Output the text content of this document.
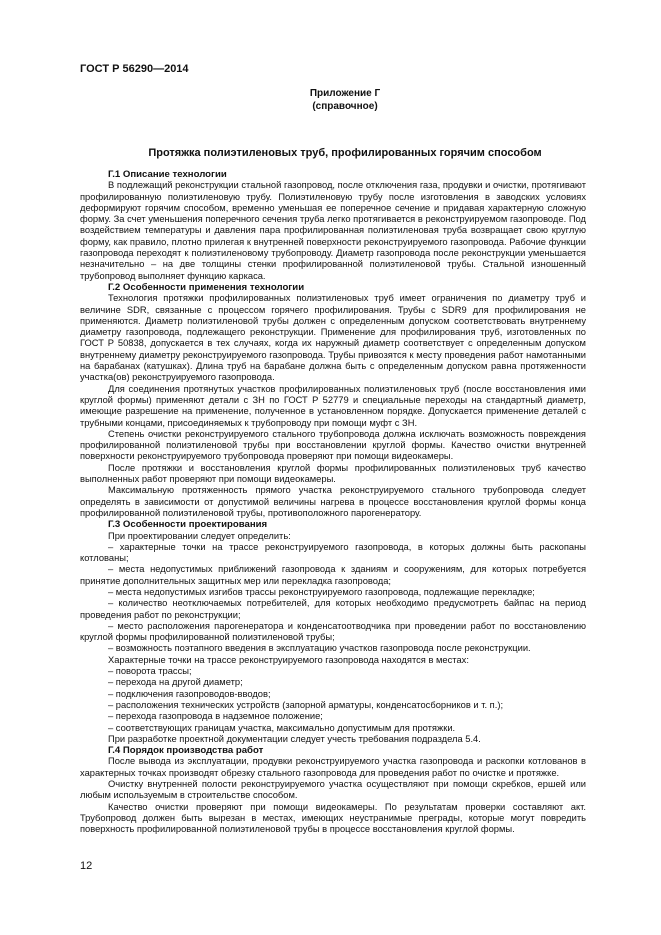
ГОСТ Р 56290—2014
Приложение Г
(справочное)
Протяжка полиэтиленовых труб, профилированных горячим способом
Г.1 Описание технологии

В подлежащий реконструкции стальной газопровод, после отключения газа, продувки и очистки, протягивают профилированную полиэтиленовую трубу. Полиэтиленовую трубу после изготовления в заводских условиях деформируют горячим способом, временно уменьшая ее поперечное сечение и придавая характерную сложную форму. За счет уменьшения поперечного сечения труба легко протягивается в реконструируемом газопроводе. Под воздействием температуры и давления пара профилированная полиэтиленовая труба возвращает свою круглую форму, как правило, плотно прилегая к внутренней поверхности реконструируемого газопровода. Рабочие функции газопровода переходят к полиэтиленовому трубопроводу. Диаметр газопровода после реконструкции уменьшается незначительно – на две толщины стенки профилированной полиэтиленовой трубы. Стальной изношенный трубопровод выполняет функцию каркаса.

Г.2 Особенности применения технологии

Технология протяжки профилированных полиэтиленовых труб имеет ограничения по диаметру труб и величине SDR, связанные с процессом горячего профилирования. Трубы с SDR9 для профилирования не применяются. Диаметр полиэтиленовой трубы должен с определенным допуском соответствовать внутреннему диаметру газопровода, подлежащего реконструкции. Применение для профилирования труб, изготовленных по ГОСТ Р 50838, допускается в тех случаях, когда их наружный диаметр соответствует с определенным допуском внутреннему диаметру реконструируемого газопровода. Трубы привозятся к месту проведения работ намотанными на барабанах (катушках). Длина труб на барабане должна быть с определенным допуском равна протяженности участка(ов) реконструируемого газопровода.

Для соединения протянутых участков профилированных полиэтиленовых труб (после восстановления ими круглой формы) применяют детали с ЗН по ГОСТ Р 52779 и специальные переходы на стандартный диаметр, имеющие разрешение на применение, полученное в установленном порядке. Допускается применение деталей с трубными концами, присоединяемых к трубопроводу при помощи муфт с ЗН.

Степень очистки реконструируемого стального трубопровода должна исключать возможность повреждения профилированной полиэтиленовой трубы при восстановлении круглой формы. Качество очистки внутренней поверхности реконструируемого трубопровода проверяют при помощи видеокамеры.

После протяжки и восстановления круглой формы профилированных полиэтиленовых труб качество выполненных работ проверяют при помощи видеокамеры.

Максимальную протяженность прямого участка реконструируемого стального трубопровода следует определять в зависимости от допустимой величины нагрева в процессе восстановления круглой формы конца профилированной полиэтиленовой трубы, противоположного парогенератору.

Г.3 Особенности проектирования

При проектировании следует определить:

– характерные точки на трассе реконструируемого газопровода, в которых должны быть раскопаны котлованы;

– места недопустимых приближений газопровода к зданиям и сооружениям, для которых потребуется принятие дополнительных защитных мер или перекладка газопровода;

– места недопустимых изгибов трассы реконструируемого газопровода, подлежащие перекладке;

– количество неотключаемых потребителей, для которых необходимо предусмотреть байпас на период проведения работ по реконструкции;

– место расположения парогенератора и конденсатоотводчика при проведении работ по восстановлению круглой формы профилированной полиэтиленовой трубы;

– возможность поэтапного введения в эксплуатацию участков газопровода после реконструкции.

Характерные точки на трассе реконструируемого газопровода находятся в местах:

– поворота трассы;

– перехода на другой диаметр;

– подключения газопроводов-вводов;

– расположения технических устройств (запорной арматуры, конденсатосборников и т. п.);

– перехода газопровода в надземное положение;

– соответствующих границам участка, максимально допустимым для протяжки.

При разработке проектной документации следует учесть требования подраздела 5.4.

Г.4 Порядок производства работ

После вывода из эксплуатации, продувки реконструируемого участка газопровода и раскопки котлованов в характерных точках производят обрезку стального газопровода для проведения работ по очистке и протяжке.

Очистку внутренней полости реконструируемого участка осуществляют при помощи скребков, ершей или любым используемым в строительстве способом.

Качество очистки проверяют при помощи видеокамеры. По результатам проверки составляют акт. Трубопровод должен быть вырезан в местах, имеющих неустранимые преграды, которые могут повредить поверхность профилированной полиэтиленовой трубы в процессе восстановления круглой формы.

12
